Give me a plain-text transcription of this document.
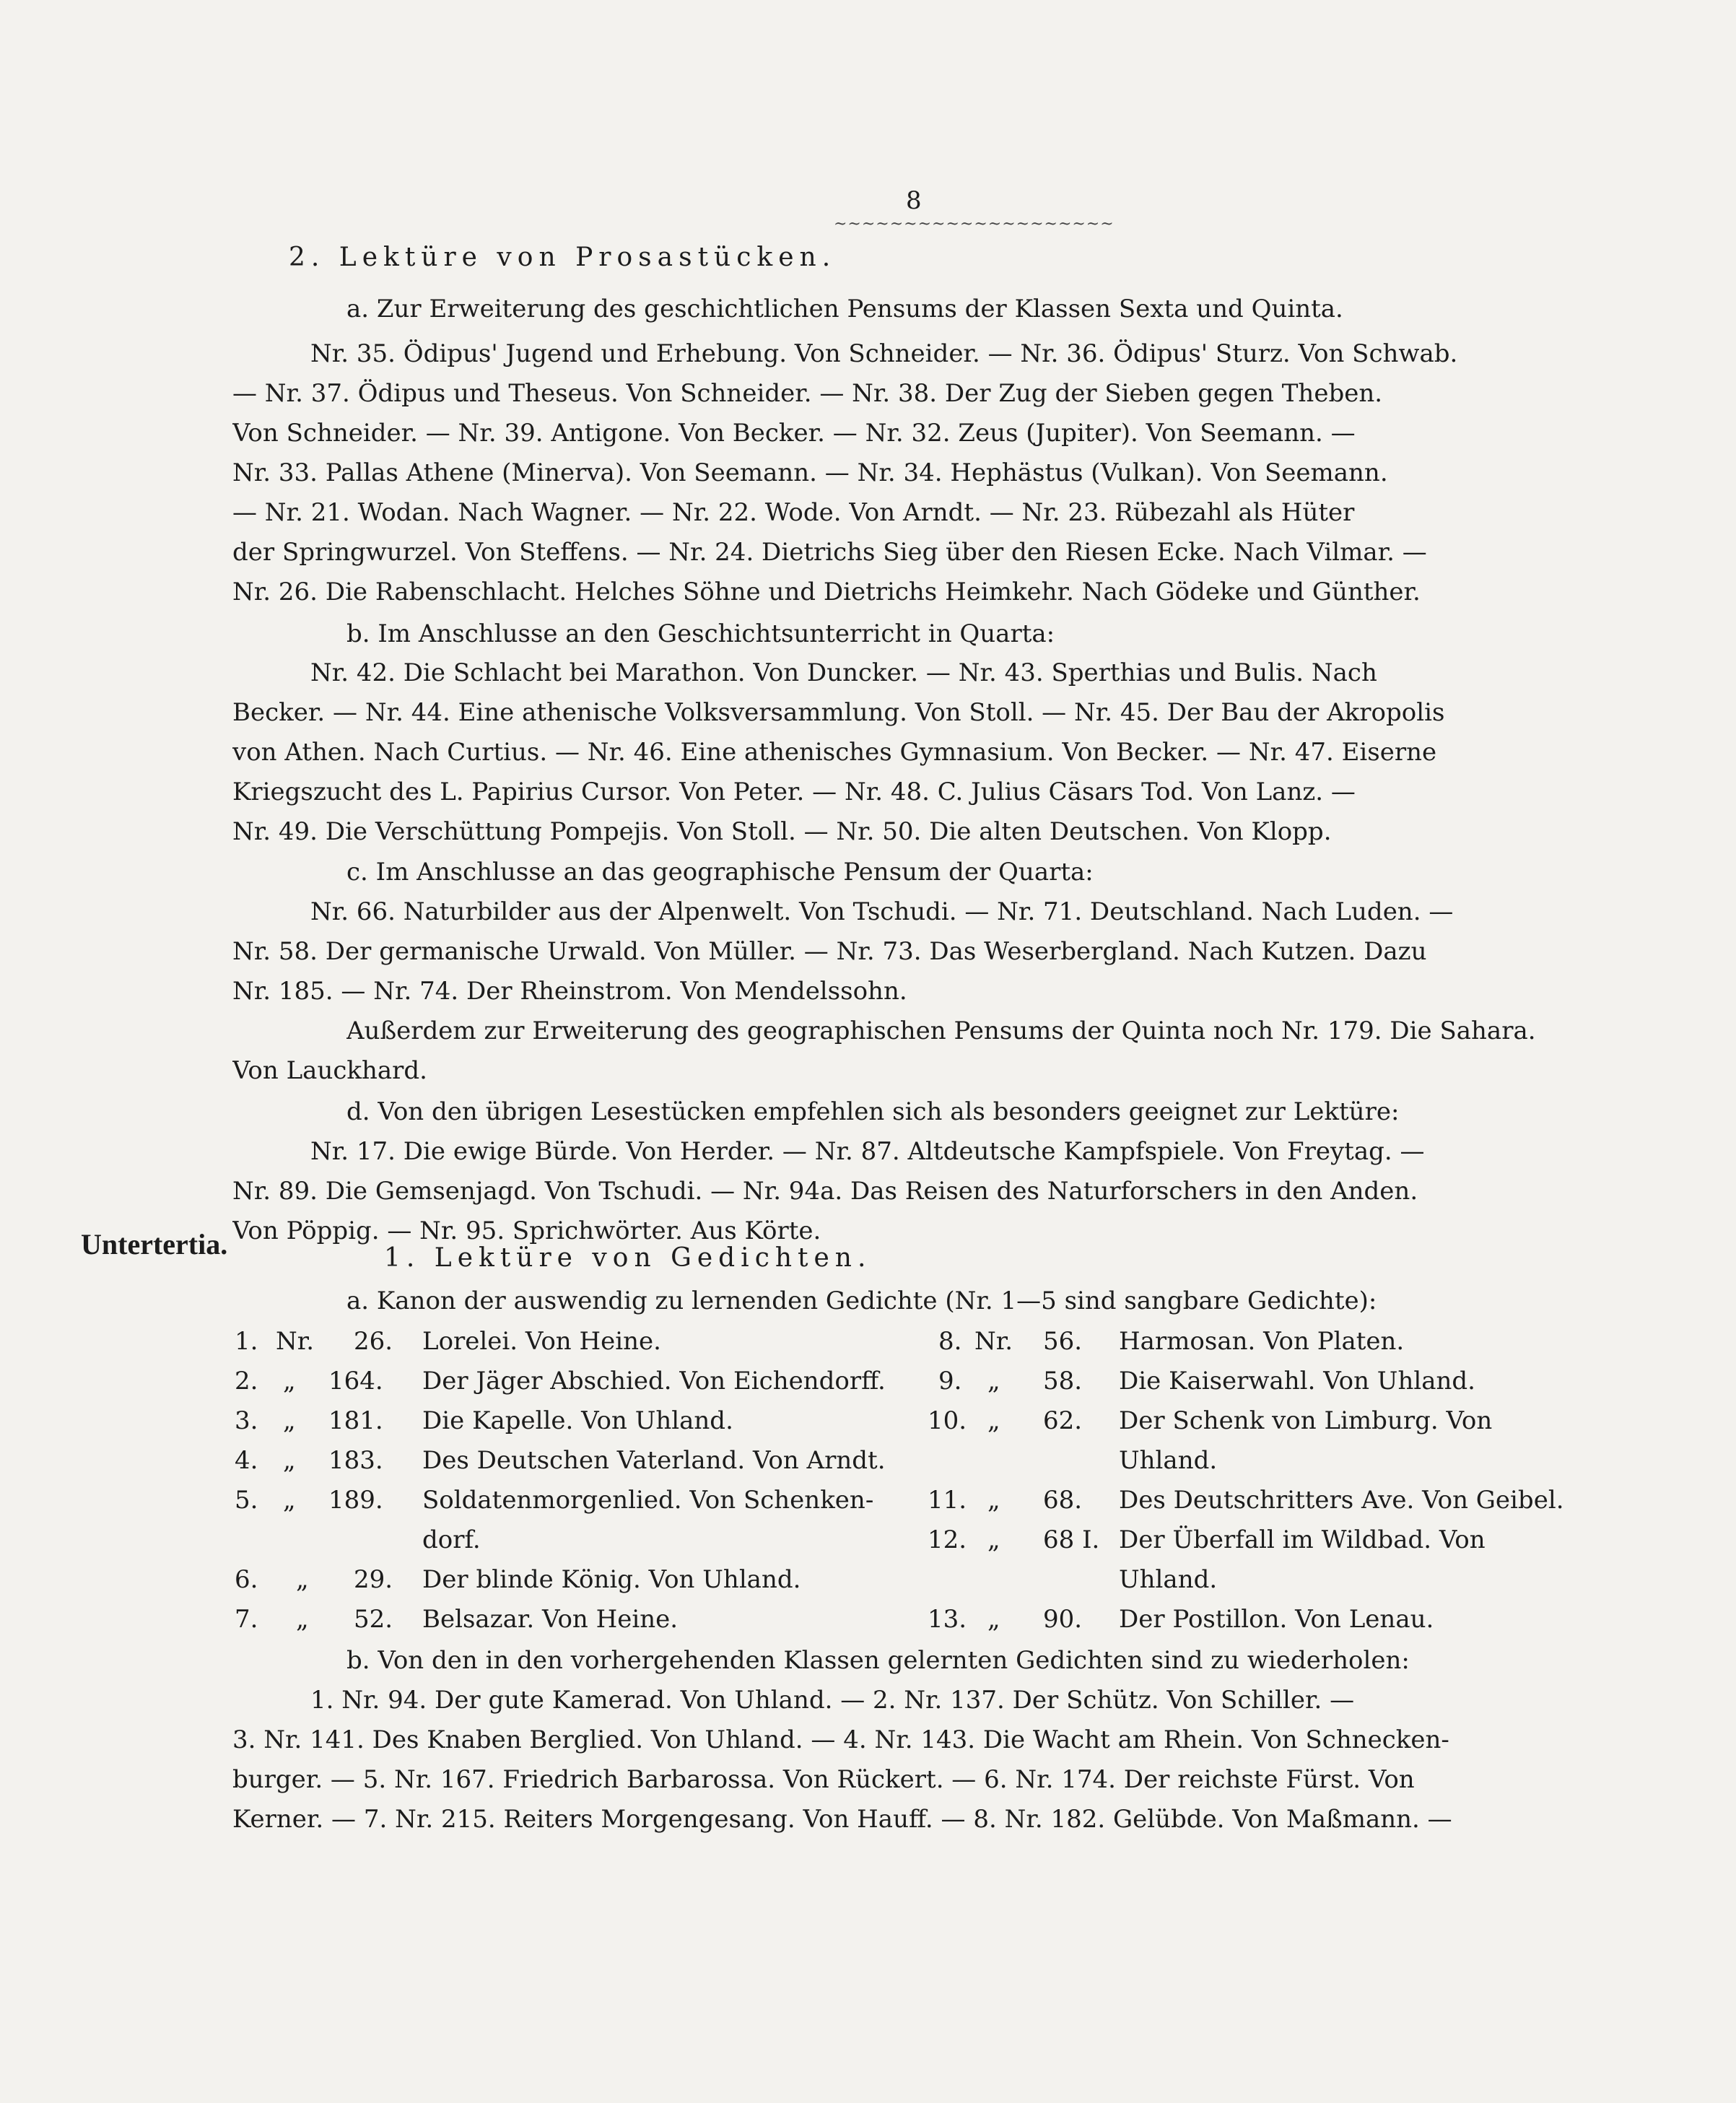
8
~~~~~~~~~~~~~~~~~~~~
2. Lektüre von Prosastücken.
a. Zur Erweiterung des geschichtlichen Pensums der Klassen Sexta und Quinta.
Nr. 35. Ödipus' Jugend und Erhebung. Von Schneider. — Nr. 36. Ödipus' Sturz. Von Schwab.
— Nr. 37. Ödipus und Theseus. Von Schneider. — Nr. 38. Der Zug der Sieben gegen Theben.
Von Schneider. — Nr. 39. Antigone. Von Becker. — Nr. 32. Zeus (Jupiter). Von Seemann. —
Nr. 33. Pallas Athene (Minerva). Von Seemann. — Nr. 34. Hephästus (Vulkan). Von Seemann.
— Nr. 21. Wodan. Nach Wagner. — Nr. 22. Wode. Von Arndt. — Nr. 23. Rübezahl als Hüter
der Springwurzel. Von Steffens. — Nr. 24. Dietrichs Sieg über den Riesen Ecke. Nach Vilmar. —
Nr. 26. Die Rabenschlacht. Helches Söhne und Dietrichs Heimkehr. Nach Gödeke und Günther.
b. Im Anschlusse an den Geschichtsunterricht in Quarta:
Nr. 42. Die Schlacht bei Marathon. Von Duncker. — Nr. 43. Sperthias und Bulis. Nach
Becker. — Nr. 44. Eine athenische Volksversammlung. Von Stoll. — Nr. 45. Der Bau der Akropolis
von Athen. Nach Curtius. — Nr. 46. Eine athenisches Gymnasium. Von Becker. — Nr. 47. Eiserne
Kriegszucht des L. Papirius Cursor. Von Peter. — Nr. 48. C. Julius Cäsars Tod. Von Lanz. —
Nr. 49. Die Verschüttung Pompejis. Von Stoll. — Nr. 50. Die alten Deutschen. Von Klopp.
c. Im Anschlusse an das geographische Pensum der Quarta:
Nr. 66. Naturbilder aus der Alpenwelt. Von Tschudi. — Nr. 71. Deutschland. Nach Luden. —
Nr. 58. Der germanische Urwald. Von Müller. — Nr. 73. Das Weserbergland. Nach Kutzen. Dazu
Nr. 185. — Nr. 74. Der Rheinstrom. Von Mendelssohn.
Außerdem zur Erweiterung des geographischen Pensums der Quinta noch Nr. 179. Die Sahara.
Von Lauckhard.
d. Von den übrigen Lesestücken empfehlen sich als besonders geeignet zur Lektüre:
Nr. 17. Die ewige Bürde. Von Herder. — Nr. 87. Altdeutsche Kampfspiele. Von Freytag. —
Nr. 89. Die Gemsenjagd. Von Tschudi. — Nr. 94a. Das Reisen des Naturforschers in den Anden.
Von Pöppig. — Nr. 95. Sprichwörter. Aus Körte.
Untertertia.	1. Lektüre von Gedichten.
a. Kanon der auswendig zu lernenden Gedichte (Nr. 1—5 sind sangbare Gedichte):
1. Nr. 26. Lorelei. Von Heine.
2. „ 164. Der Jäger Abschied. Von Eichendorff.
3. „ 181. Die Kapelle. Von Uhland.
4. „ 183. Des Deutschen Vaterland. Von Arndt.
5. „ 189. Soldatenmorgenlied. Von Schenken-
dorf.
6. „ 29. Der blinde König. Von Uhland.
7. „ 52. Belsazar. Von Heine.
8. Nr. 56. Harmosan. Von Platen.
9. „ 58. Die Kaiserwahl. Von Uhland.
10. „ 62. Der Schenk von Limburg. Von
Uhland.
11. „ 68. Des Deutschritters Ave. Von Geibel.
12. „ 68 I. Der Überfall im Wildbad. Von
Uhland.
13. „ 90. Der Postillon. Von Lenau.
b. Von den in den vorhergehenden Klassen gelernten Gedichten sind zu wiederholen:
1. Nr. 94. Der gute Kamerad. Von Uhland. — 2. Nr. 137. Der Schütz. Von Schiller. —
3. Nr. 141. Des Knaben Berglied. Von Uhland. — 4. Nr. 143. Die Wacht am Rhein. Von Schnecken-
burger. — 5. Nr. 167. Friedrich Barbarossa. Von Rückert. — 6. Nr. 174. Der reichste Fürst. Von
Kerner. — 7. Nr. 215. Reiters Morgengesang. Von Hauff. — 8. Nr. 182. Gelübde. Von Maßmann. —
